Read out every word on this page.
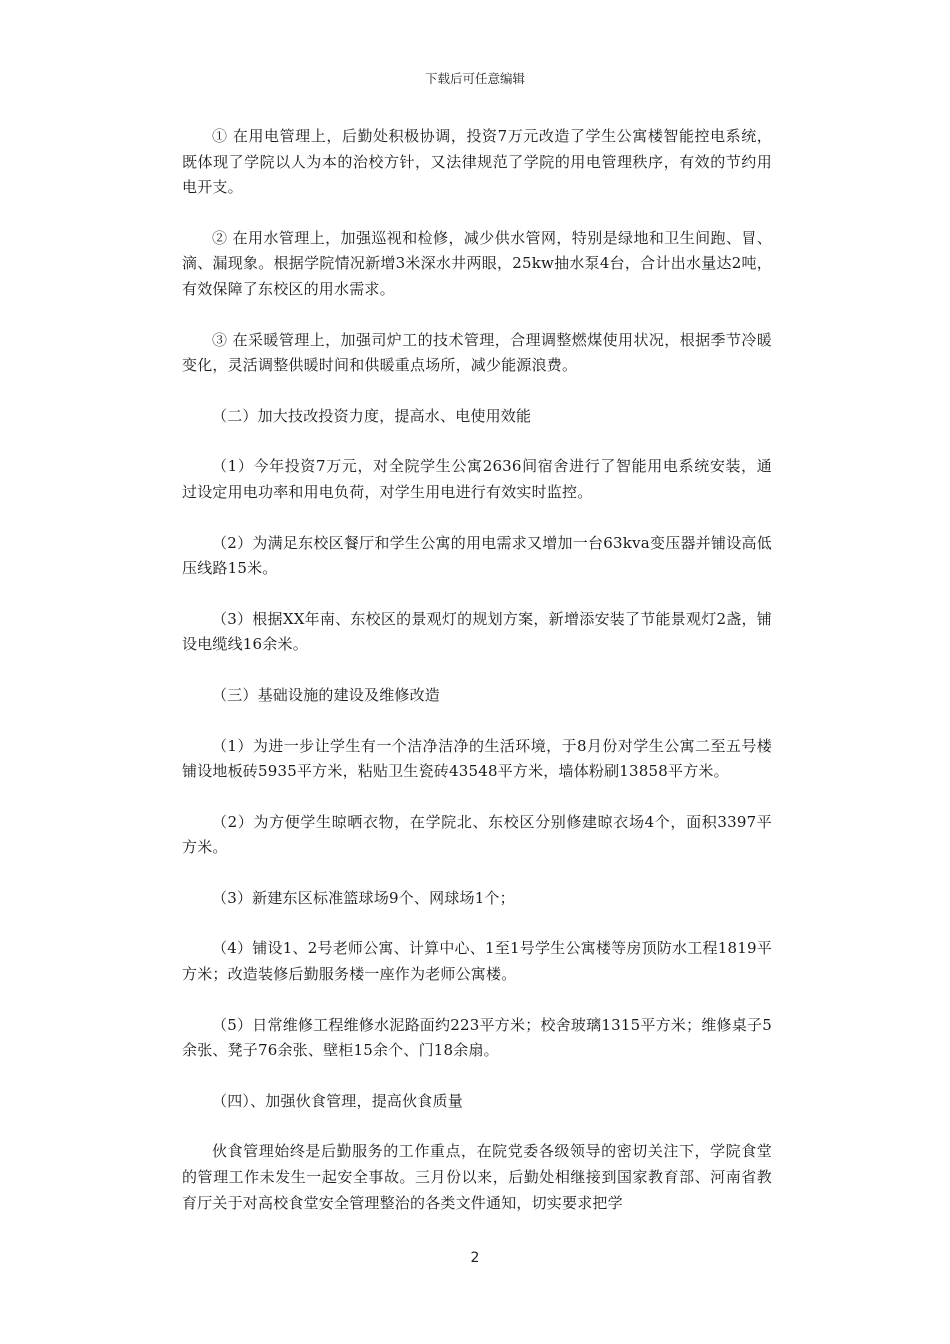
下载后可任意编辑

① 在用电管理上，后勤处积极协调，投资7万元改造了学生公寓楼智能控电系统，既体现了学院以人为本的治校方针，又法律规范了学院的用电管理秩序，有效的节约用电开支。

② 在用水管理上，加强巡视和检修，减少供水管网，特别是绿地和卫生间跑、冒、滴、漏现象。根据学院情况新增3米深水井两眼，25kw抽水泵4台，合计出水量达2吨，有效保障了东校区的用水需求。

③ 在采暖管理上，加强司炉工的技术管理，合理调整燃煤使用状况，根据季节冷暖变化，灵活调整供暖时间和供暖重点场所，减少能源浪费。

（二）加大技改投资力度，提高水、电使用效能

（1）今年投资7万元，对全院学生公寓2636间宿舍进行了智能用电系统安装，通过设定用电功率和用电负荷，对学生用电进行有效实时监控。

（2）为满足东校区餐厅和学生公寓的用电需求又增加一台63kva变压器并铺设高低压线路15米。

（3）根据XX年南、东校区的景观灯的规划方案，新增添安装了节能景观灯2盏，铺设电缆线16余米。

（三）基础设施的建设及维修改造

（1）为进一步让学生有一个洁净洁净的生活环境，于8月份对学生公寓二至五号楼铺设地板砖5935平方米，粘贴卫生瓷砖43548平方米，墙体粉刷13858平方米。

（2）为方便学生晾晒衣物，在学院北、东校区分别修建晾衣场4个，面积3397平方米。

（3）新建东区标准篮球场9个、网球场1个；

（4）铺设1、2号老师公寓、计算中心、1至1号学生公寓楼等房顶防水工程1819平方米；改造装修后勤服务楼一座作为老师公寓楼。

（5）日常维修工程维修水泥路面约223平方米；校舍玻璃1315平方米；维修桌子5余张、凳子76余张、壁柜15余个、门18余扇。

（四）、加强伙食管理，提高伙食质量

伙食管理始终是后勤服务的工作重点，在院党委各级领导的密切关注下，学院食堂的管理工作未发生一起安全事故。三月份以来，后勤处相继接到国家教育部、河南省教育厅关于对高校食堂安全管理整治的各类文件通知，切实要求把学

2
